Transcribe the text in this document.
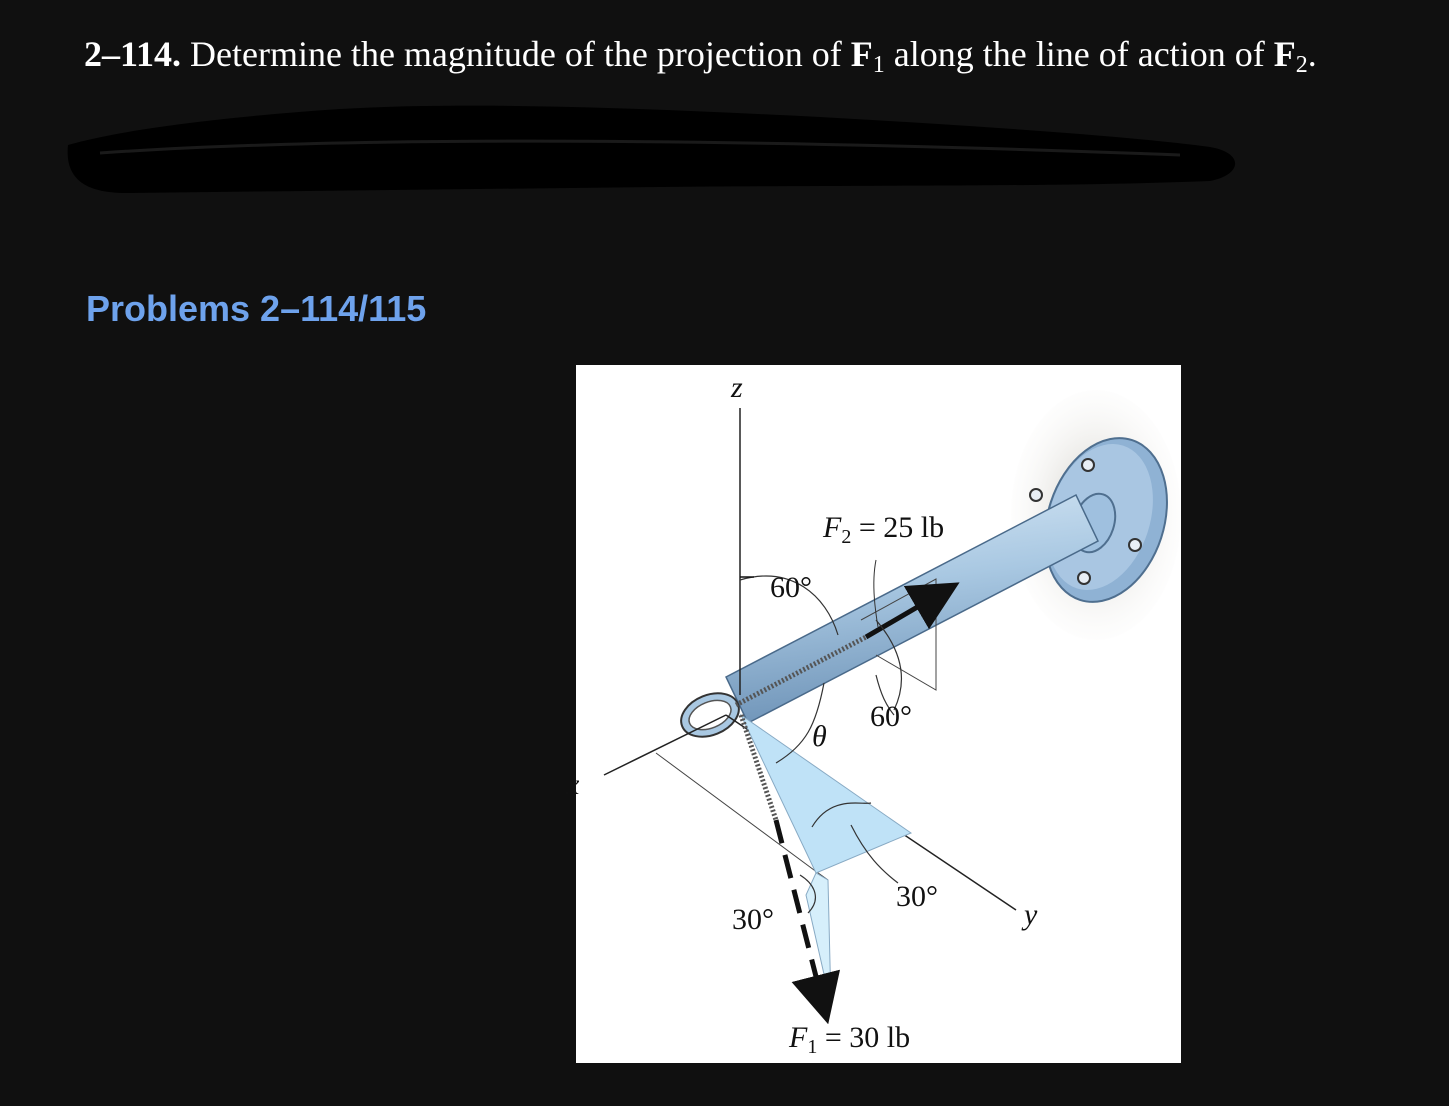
2–114. Determine the magnitude of the projection of $F_1$ along the line of action of $F_2$.
Problems 2–114/115
z
x
y
$F_2 = 25$ lb
$F_1 = 30$ lb
60°
60°
θ
30°
30°
